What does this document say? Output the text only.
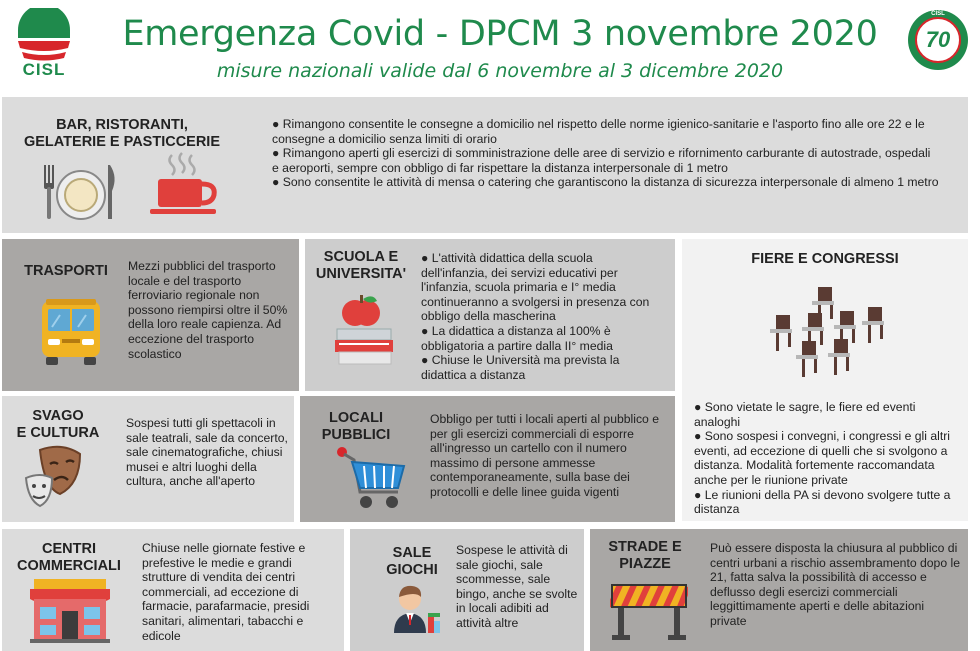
CISL
Emergenza Covid - DPCM 3 novembre 2020
misure nazionali valide dal 6 novembre al 3 dicembre 2020
70
CISL
BAR, RISTORANTI,
GELATERIE E PASTICCERIE

● Rimangono consentite le consegne a domicilio nel rispetto delle norme igienico-sanitarie e l'asporto fino alle ore 22 e le consegne a domicilio senza limiti di orario

● Rimangono aperti gli esercizi di somministrazione delle aree di servizio e rifornimento carburante di autostrade, ospedali e aeroporti, sempre con obbligo di far rispettare la distanza interpersonale di 1 metro

● Sono consentite le attività di mensa o catering che garantiscono la distanza di sicurezza interpersonale di almeno 1 metro

TRASPORTI	Mezzi pubblici del trasporto locale e del trasporto ferroviario regionale non possono riempirsi oltre il 50% della loro reale capienza. Ad eccezione del trasporto scolastico
SCUOLA E
UNIVERSITA'

● L'attività didattica della scuola dell'infanzia, dei servizi educativi per l'infanzia, scuola primaria e I° media continueranno a svolgersi in presenza con obbligo della mascherina

● La didattica a distanza al 100% è obbligatoria a partire dalla II° media

● Chiuse le Università ma prevista la didattica a distanza

FIERE E CONGRESSI

● Sono vietate le sagre, le fiere ed eventi analoghi

● Sono sospesi i convegni, i congressi e gli altri eventi, ad eccezione di quelli che si svolgono a distanza. Modalità fortemente raccomandata anche per le riunione private

● Le riunioni della PA si devono svolgere tutte a distanza

SVAGO
E CULTURA
Sospesi tutti gli spettacoli in sale teatrali, sale da concerto, sale cinematografiche, chiusi musei e altri luoghi della cultura, anche all'aperto
LOCALI
PUBBLICI
Obbligo per tutti i locali aperti al pubblico e per gli esercizi commerciali di esporre all'ingresso un cartello con il numero massimo di persone ammesse contemporaneamente, sulla base dei protocolli e delle linee guida vigenti
CENTRI
COMMERCIALI
Chiuse nelle giornate festive e prefestive le medie e grandi strutture di vendita dei centri commerciali, ad eccezione di farmacie, parafarmacie, presidi sanitari, alimentari, tabacchi e edicole
SALE
GIOCHI
Sospese le attività di sale giochi, sale scommesse, sale bingo, anche se svolte in locali adibiti ad attività altre
STRADE E
PIAZZE
Può essere disposta la chiusura al pubblico di centri urbani a rischio assembramento dopo le 21, fatta salva la possibilità di accesso e deflusso degli esercizi commerciali leggittimamente aperti e delle abitazioni private
